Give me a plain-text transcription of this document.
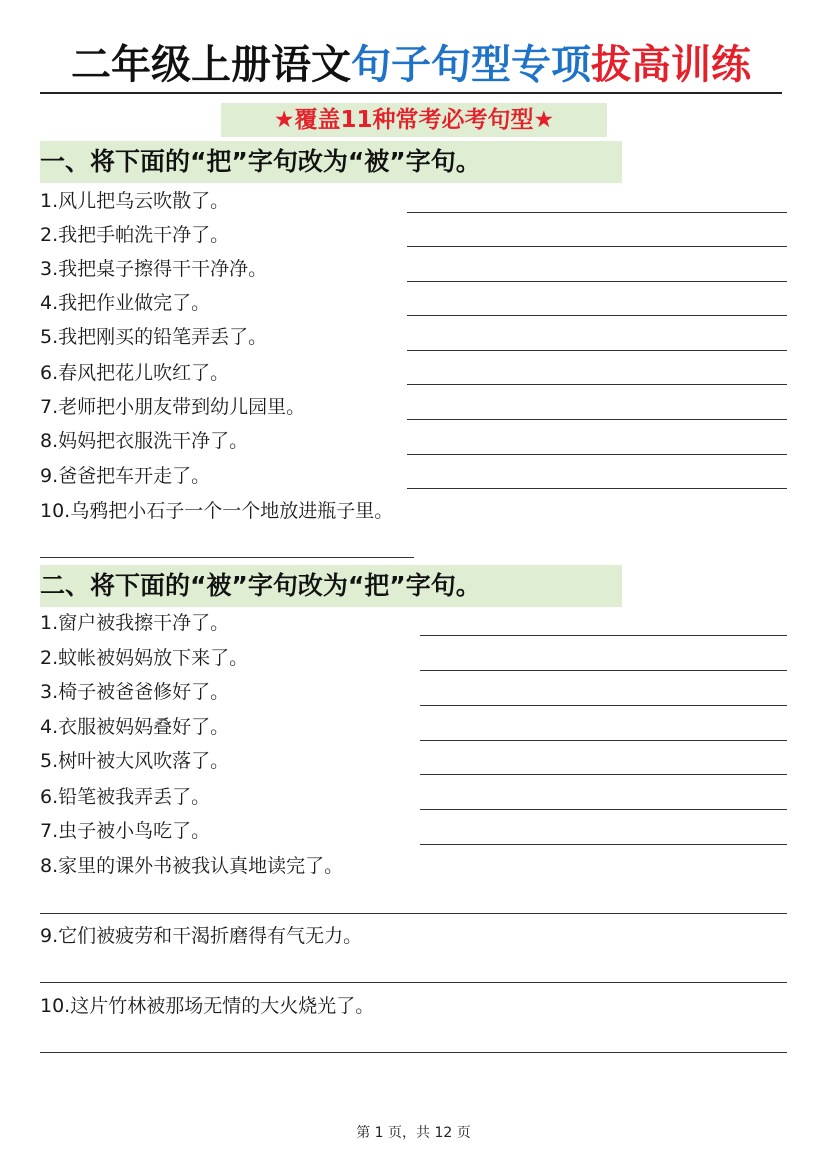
二年级上册语文句子句型专项拔高训练
★覆盖11种常考必考句型★
一、将下面的“把”字句改为“被”字句。
1.风儿把乌云吹散了。
2.我把手帕洗干净了。
3.我把桌子擦得干干净净。
4.我把作业做完了。
5.我把刚买的铅笔弄丢了。
6.春风把花儿吹红了。
7.老师把小朋友带到幼儿园里。
8.妈妈把衣服洗干净了。
9.爸爸把车开走了。
10.乌鸦把小石子一个一个地放进瓶子里。
二、将下面的“被”字句改为“把”字句。
1.窗户被我擦干净了。
2.蚊帐被妈妈放下来了。
3.椅子被爸爸修好了。
4.衣服被妈妈叠好了。
5.树叶被大风吹落了。
6.铅笔被我弄丢了。
7.虫子被小鸟吃了。
8.家里的课外书被我认真地读完了。
9.它们被疲劳和干渴折磨得有气无力。
10.这片竹林被那场无情的大火烧光了。
第 1 页，共 12 页
